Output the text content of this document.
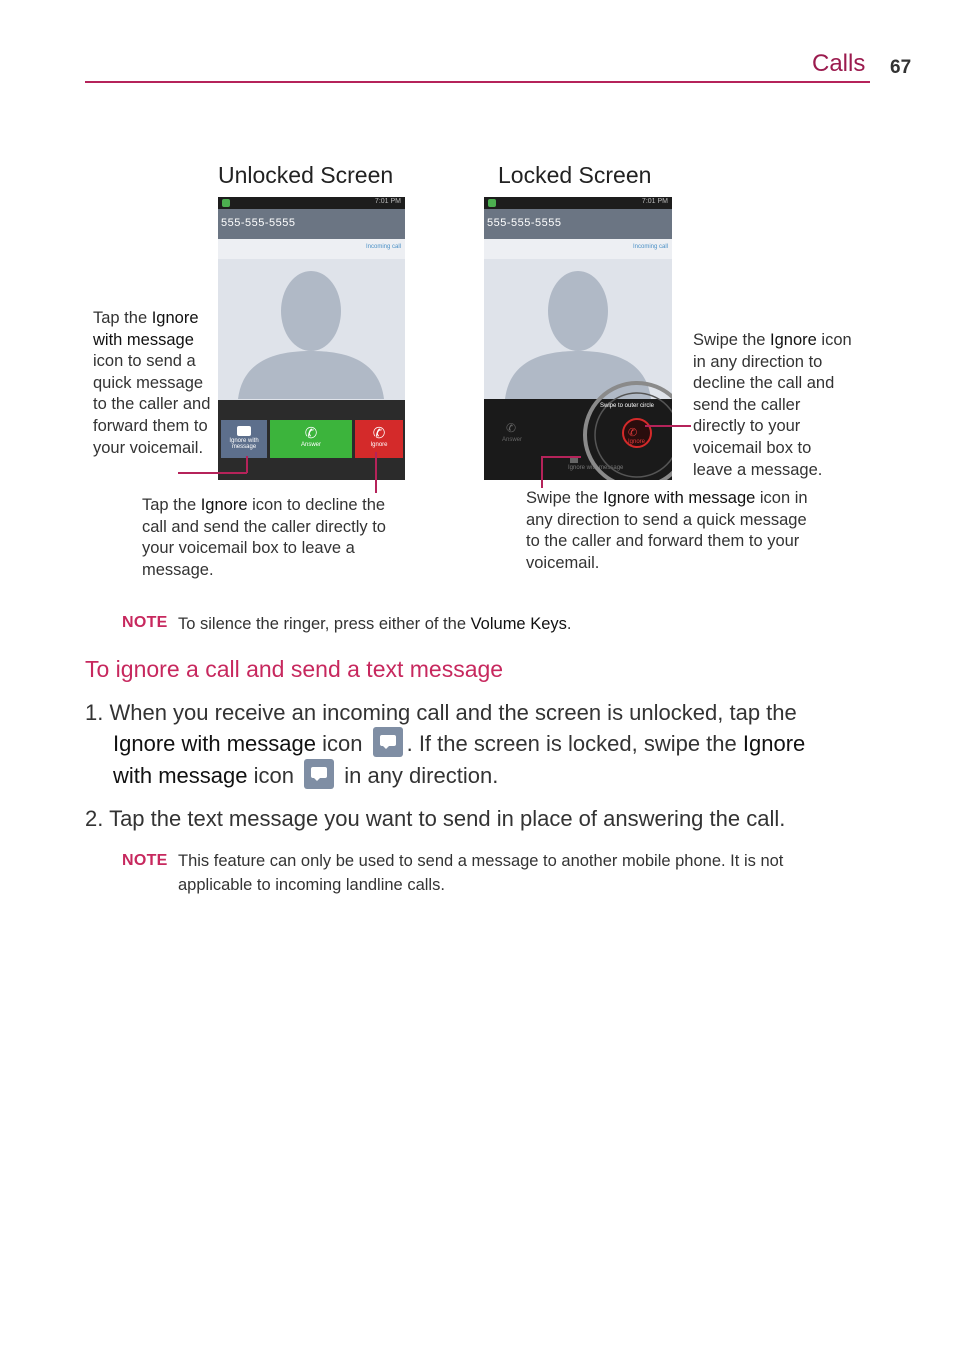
Calls 67
Unlocked Screen	Locked Screen
7:01 PM
555-555-5555
Incoming call
Ignore with message
✆
Answer
✆
Ignore
7:01 PM
555-555-5555
Incoming call
✆
Answer
Ignore with message
✆
Ignore
Swipe to outer circle
Tap the Ignore with message icon to send a quick message to the caller and forward them to your voicemail.
Tap the Ignore icon to decline the call and send the caller directly to your voicemail box to leave a message.
Swipe the Ignore icon in any direction to decline the call and send the caller directly to your voicemail box to leave a message.
Swipe the Ignore with message icon in any direction to send a quick message to the caller and forward them to your voicemail.
NOTE To silence the ringer, press either of the Volume Keys.
To ignore a call and send a text message
1. When you receive an incoming call and the screen is unlocked, tap the
Ignore with message icon
. If the screen is locked, swipe the Ignore
with message icon
in any direction.
2. Tap the text message you want to send in place of answering the call.
NOTE This feature can only be used to send a message to another mobile phone. It is not applicable to incoming landline calls.
